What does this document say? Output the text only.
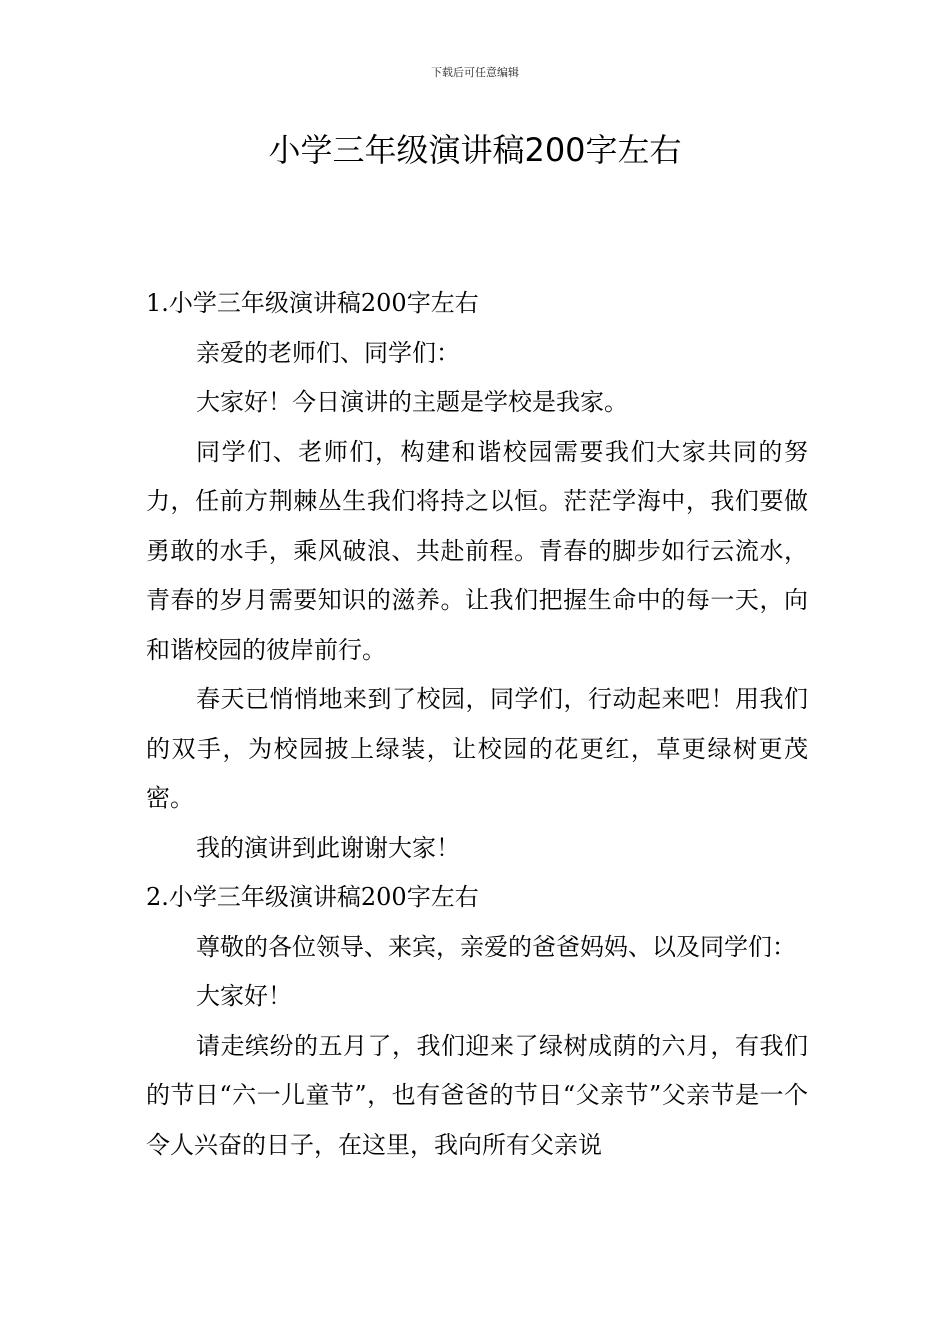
下载后可任意编辑
小学三年级演讲稿200字左右

1.小学三年级演讲稿200字左右

亲爱的老师们、同学们：

大家好！今日演讲的主题是学校是我家。

同学们、老师们，构建和谐校园需要我们大家共同的努力，任前方荆棘丛生我们将持之以恒。茫茫学海中，我们要做勇敢的水手，乘风破浪、共赴前程。青春的脚步如行云流水，青春的岁月需要知识的滋养。让我们把握生命中的每一天，向和谐校园的彼岸前行。

春天已悄悄地来到了校园，同学们，行动起来吧！用我们的双手，为校园披上绿装，让校园的花更红，草更绿树更茂密。

我的演讲到此谢谢大家！

2.小学三年级演讲稿200字左右

尊敬的各位领导、来宾，亲爱的爸爸妈妈、以及同学们：

大家好！

请走缤纷的五月了，我们迎来了绿树成荫的六月，有我们的节日“六一儿童节”，也有爸爸的节日“父亲节”父亲节是一个令人兴奋的日子，在这里，我向所有父亲说
